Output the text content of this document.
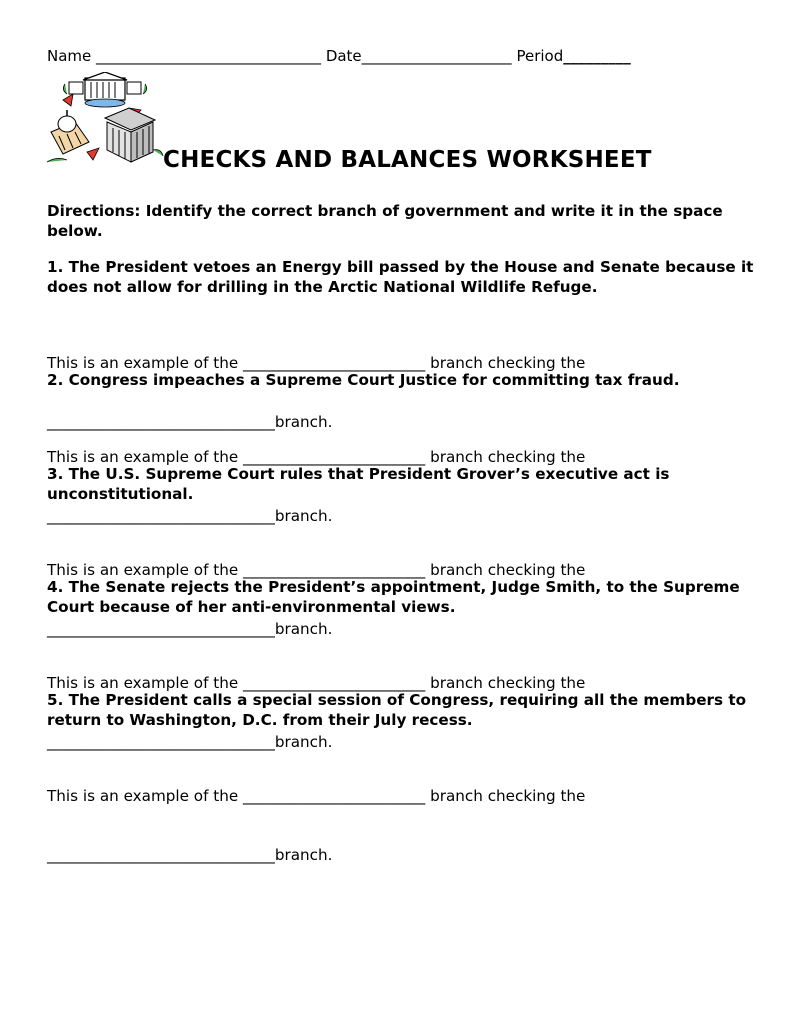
Name ______________________________ Date____________________ Period_________
CHECKS AND BALANCES WORKSHEET
Directions: Identify the correct branch of government and write it in the space below.
1. The President vetoes an Energy bill passed by the House and Senate because it does not allow for drilling in the Arctic National Wildlife Refuge.

This is an example of the ________________________ branch checking the

______________________________branch.

2. Congress impeaches a Supreme Court Justice for committing tax fraud.

This is an example of the ________________________ branch checking the

______________________________branch.

3. The U.S. Supreme Court rules that President Grover’s executive act is unconstitutional.

This is an example of the ________________________ branch checking the

______________________________branch.

4. The Senate rejects the President’s appointment, Judge Smith, to the Supreme Court because of her anti-environmental views.

This is an example of the ________________________ branch checking the

______________________________branch.

5. The President calls a special session of Congress, requiring all the members to return to Washington, D.C. from their July recess.

This is an example of the ________________________ branch checking the

______________________________branch.
